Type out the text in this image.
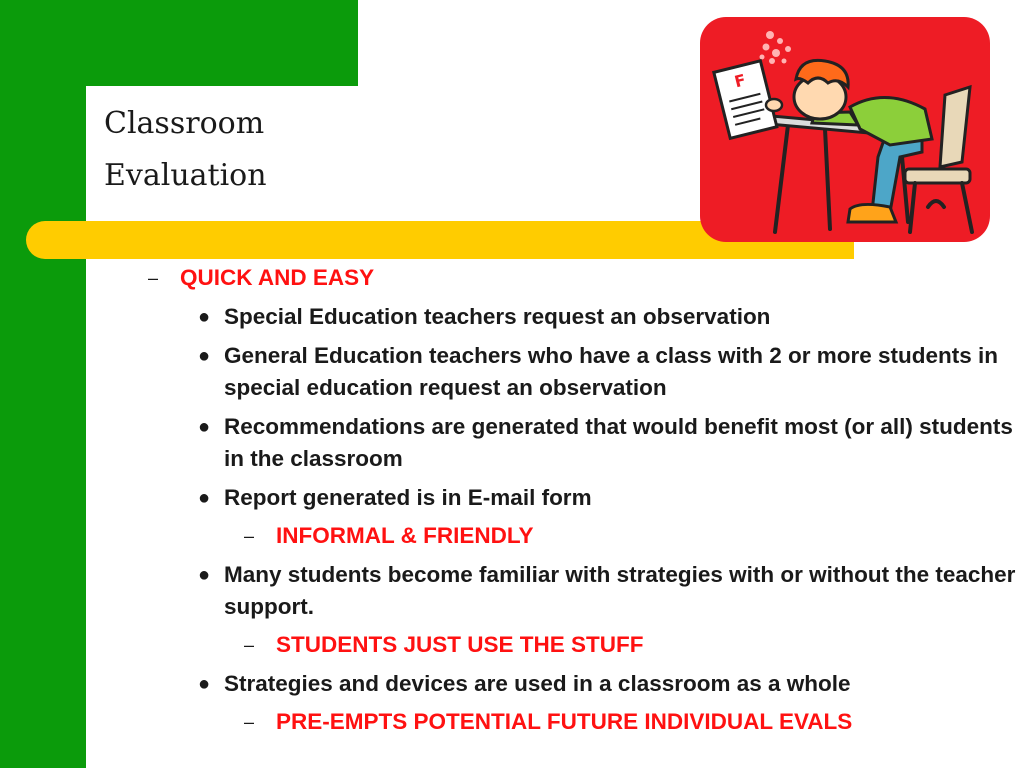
Classroom
Evaluation
F

– QUICK AND EASY

● Special Education teachers request an observation

● General Education teachers who have a class with 2 or more students in special education request an observation

● Recommendations are generated that would benefit most (or all) students in the classroom

● Report generated is in E-mail form

– INFORMAL & FRIENDLY

● Many students become familiar with strategies with or without the teacher support.

– STUDENTS JUST USE THE STUFF

● Strategies and devices are used in a classroom as a whole

– PRE-EMPTS POTENTIAL FUTURE INDIVIDUAL EVALS
